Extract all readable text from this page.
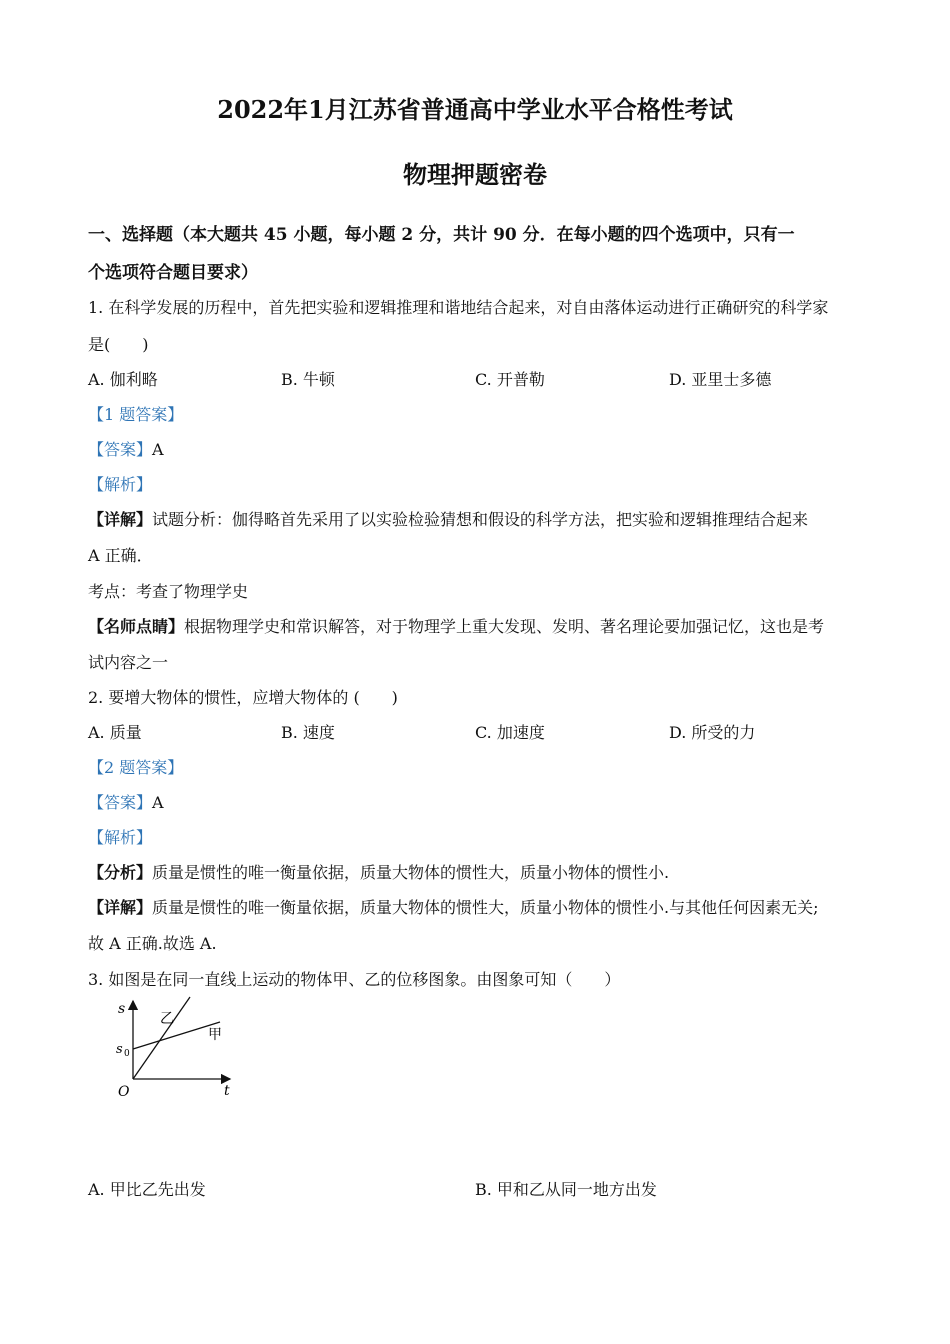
2022年1月江苏省普通高中学业水平合格性考试
物理押题密卷
一、选择题（本大题共 45 小题，每小题 2 分，共计 90 分．在每小题的四个选项中，只有一
个选项符合题目要求）
1. 在科学发展的历程中，首先把实验和逻辑推理和谐地结合起来，对自由落体运动进行正确研究的科学家
是(　　)
A. 伽利略	B. 牛顿	C. 开普勒	D. 亚里士多德
【1 题答案】
【答案】A
【解析】
【详解】试题分析：伽得略首先采用了以实验检验猜想和假设的科学方法，把实验和逻辑推理结合起来
A 正确．
考点：考查了物理学史
【名师点睛】根据物理学史和常识解答，对于物理学上重大发现、发明、著名理论要加强记忆，这也是考
试内容之一
2. 要增大物体的惯性，应增大物体的 (　　)
A. 质量	B. 速度	C. 加速度	D. 所受的力
【2 题答案】
【答案】A
【解析】
【分析】质量是惯性的唯一衡量依据，质量大物体的惯性大，质量小物体的惯性小.
【详解】质量是惯性的唯一衡量依据，质量大物体的惯性大，质量小物体的惯性小.与其他任何因素无关;
故 A 正确.故选 A.
3. 如图是在同一直线上运动的物体甲、乙的位移图象。由图象可知（　　）
s
t
O
s 0
甲
乙
A. 甲比乙先出发	B. 甲和乙从同一地方出发
